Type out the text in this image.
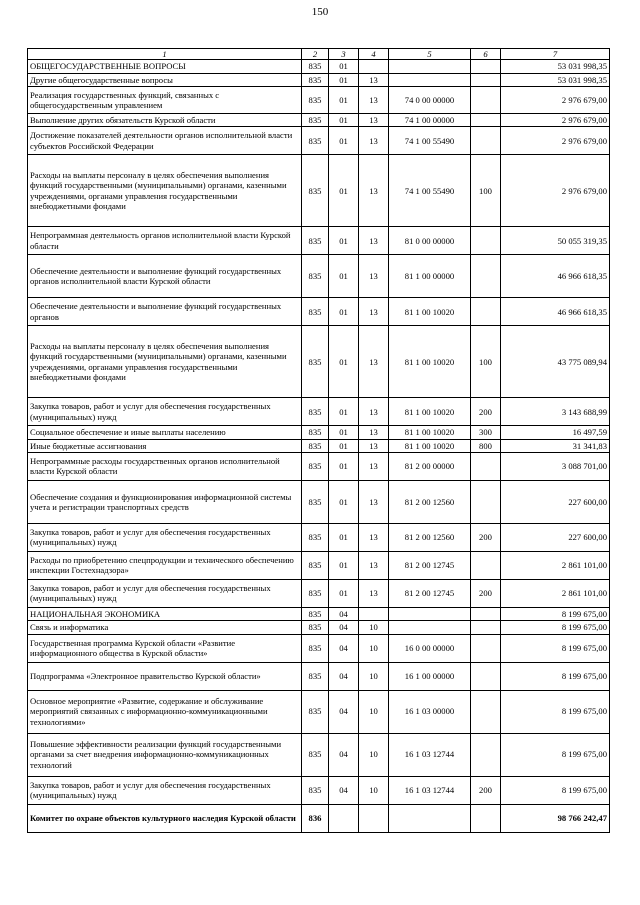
150
1	2	3	4	5	6	7
ОБЩЕГОСУДАРСТВЕННЫЕ ВОПРОСЫ	835	01				53 031 998,35
Другие общегосударственные вопросы	835	01	13			53 031 998,35
Реализация государственных функций, связанных с общегосударственным управлением	835	01	13	74 0 00 00000		2 976 679,00
Выполнение других обязательств Курской области	835	01	13	74 1 00 00000		2 976 679,00
Достижение показателей деятельности органов исполнительной власти субъектов Российской Федерации	835	01	13	74 1 00 55490		2 976 679,00
Расходы на выплаты персоналу в целях обеспечения выполнения функций государственными (муниципальными) органами, казенными учреждениями, органами управления государственными внебюджетными фондами	835	01	13	74 1 00 55490	100	2 976 679,00
Непрограммная деятельность органов исполнительной власти Курской области	835	01	13	81 0 00 00000		50 055 319,35
Обеспечение деятельности и выполнение функций государственных органов исполнительной власти Курской области	835	01	13	81 1 00 00000		46 966 618,35
Обеспечение деятельности и выполнение функций государственных органов	835	01	13	81 1 00 10020		46 966 618,35
Расходы на выплаты персоналу в целях обеспечения выполнения функций государственными (муниципальными) органами, казенными учреждениями, органами управления государственными внебюджетными фондами	835	01	13	81 1 00 10020	100	43 775 089,94
Закупка товаров, работ и услуг для обеспечения государственных (муниципальных) нужд	835	01	13	81 1 00 10020	200	3 143 688,99
Социальное обеспечение и иные выплаты населению	835	01	13	81 1 00 10020	300	16 497,59
Иные бюджетные ассигнования	835	01	13	81 1 00 10020	800	31 341,83
Непрограммные расходы государственных органов исполнительной власти Курской области	835	01	13	81 2 00 00000		3 088 701,00
Обеспечение создания и функционирования информационной системы учета и регистрации транспортных средств	835	01	13	81 2 00 12560		227 600,00
Закупка товаров, работ и услуг для обеспечения государственных (муниципальных) нужд	835	01	13	81 2 00 12560	200	227 600,00
Расходы по приобретению спецпродукции и технического обеспечению инспекции Гостехнадзора»	835	01	13	81 2 00 12745		2 861 101,00
Закупка товаров, работ и услуг для обеспечения государственных (муниципальных) нужд	835	01	13	81 2 00 12745	200	2 861 101,00
НАЦИОНАЛЬНАЯ ЭКОНОМИКА	835	04				8 199 675,00
Связь и информатика	835	04	10			8 199 675,00
Государственная программа Курской области «Развитие информационного общества в Курской области»	835	04	10	16 0 00 00000		8 199 675,00
Подпрограмма «Электронное правительство Курской области»	835	04	10	16 1 00 00000		8 199 675,00
Основное мероприятие «Развитие, содержание и обслуживание мероприятий связанных с информационно-коммуникационными технологиями»	835	04	10	16 1 03 00000		8 199 675,00
Повышение эффективности реализации функций государственными органами за счет внедрения информационно-коммуникационных технологий	835	04	10	16 1 03 12744		8 199 675,00
Закупка товаров, работ и услуг для обеспечения государственных (муниципальных) нужд	835	04	10	16 1 03 12744	200	8 199 675,00
Комитет по охране объектов культурного наследия Курской области	836					98 766 242,47
